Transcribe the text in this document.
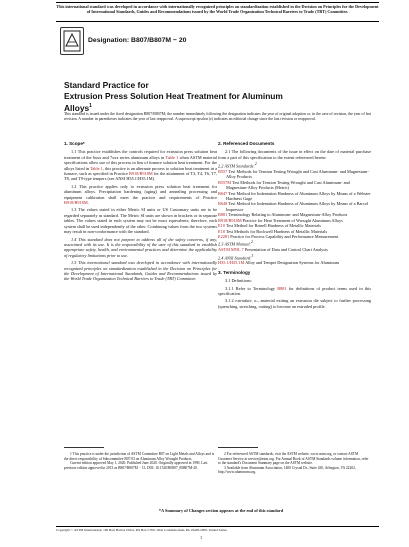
This international standard was developed in accordance with internationally recognized principles on standardization established in the Decision on Principles for the Development of International Standards, Guides and Recommendations issued by the World Trade Organization Technical Barriers to Trade (TBT) Committee.
Designation: B807/B807M − 20
Standard Practice for
Extrusion Press Solution Heat Treatment for Aluminum
Alloys$^1$
This standard is issued under the fixed designation B807/B807M; the number immediately following the designation indicates the year of original adoption or, in the case of revision, the year of last revision. A number in parentheses indicates the year of last reapproval. A superscript epsilon (ε) indicates an editorial change since the last revision or reapproval.
1. Scope*

1.1 This practice establishes the controls required for extrusion press solution heat treatment of the 6xxx and 7xxx series aluminum alloys in Table 1 when ASTM material specifications allow use of this process in lieu of furnace solution heat treatment. For the alloys listed in Table 1, this practice is an alternate process to solution heat treatment in a furnace, such as specified in Practice B918/B918M for the attainment of T3, T4, T6, T7, T8, and T9-type tempers (see ANSI H35.1/H35.1M).

1.2 This practice applies only to extrusion press solution heat treatment for aluminum alloys. Precipitation hardening (aging) and annealing processing and equipment calibration shall meet the practice and requirements of Practice B918/B918M.

1.3 The values stated in either Metric SI units or US Customary units are to be regarded separately as standard. The Metric SI units are shown in brackets or in separate tables. The values stated in each system may not be exact equivalents; therefore, each system shall be used independently of the other. Combining values from the two systems may result in non-conformance with the standard.

1.4 This standard does not purport to address all of the safety concerns, if any, associated with its use. It is the responsibility of the user of this standard to establish appropriate safety, health, and environmental practices and determine the applicability of regulatory limitations prior to use.

1.5 This international standard was developed in accordance with internationally recognized principles on standardization established in the Decision on Principles for the Development of International Standards, Guides and Recommendations issued by the World Trade Organization Technical Barriers to Trade (TBT) Committee.

2. Referenced Documents

2.1 The following documents of the issue in effect on the date of material purchase form a part of this specification to the extent referenced herein:

2.2 ASTM Standards:$^2$

B557 Test Methods for Tension Testing Wrought and Cast Aluminum- and Magnesium-Alloy Products

B557M Test Methods for Tension Testing Wrought and Cast Aluminum- and Magnesium-Alloy Products (Metric)

B647 Test Method for Indentation Hardness of Aluminum Alloys by Means of a Webster Hardness Gage

B648 Test Method for Indentation Hardness of Aluminum Alloys by Means of a Barcol Impressor

B881 Terminology Relating to Aluminum- and Magnesium-Alloy Products

B918/B918M Practice for Heat Treatment of Wrought Aluminum Alloys

E10 Test Method for Brinell Hardness of Metallic Materials

E18 Test Methods for Rockwell Hardness of Metallic Materials

E2281 Practice for Process Capability and Performance Measurement

2.3 ASTM Manual:$^2$

ASTM MNL 7 Presentation of Data and Control Chart Analysis

2.4 ANSI Standard:$^3$

H35.1/H35.1M Alloy and Temper Designation Systems for Aluminum

3. Terminology

3.1 Definitions:

3.1.1 Refer to Terminology B881 for definitions of product terms used in this specification.

3.1.2 extrudate, n—material exiting an extrusion die subject to further processing (quenching, stretching, cutting) to become an extruded profile.

1 This practice is under the jurisdiction of ASTM Committee B07 on Light Metals and Alloys and is the direct responsibility of Subcommittee B07.03 on Aluminum Alloy Wrought Products.
Current edition approved May 1, 2020. Published June 2020. Originally approved in 1990. Last previous edition approved in 2013 as B807/B807M − 13. DOI: 10.1520/B0807_B0807M-20.
2 For referenced ASTM standards, visit the ASTM website, www.astm.org, or contact ASTM Customer Service at service@astm.org. For Annual Book of ASTM Standards volume information, refer to the standard's Document Summary page on the ASTM website.
3 Available from Aluminum Association, 1400 Crystal Dr., Suite 430, Arlington, VA 22202, http://www.aluminum.org.
*A Summary of Changes section appears at the end of this standard
Copyright © ASTM International, 100 Barr Harbor Drive, PO Box C700, West Conshohocken, PA 19428-2959. United States
1
